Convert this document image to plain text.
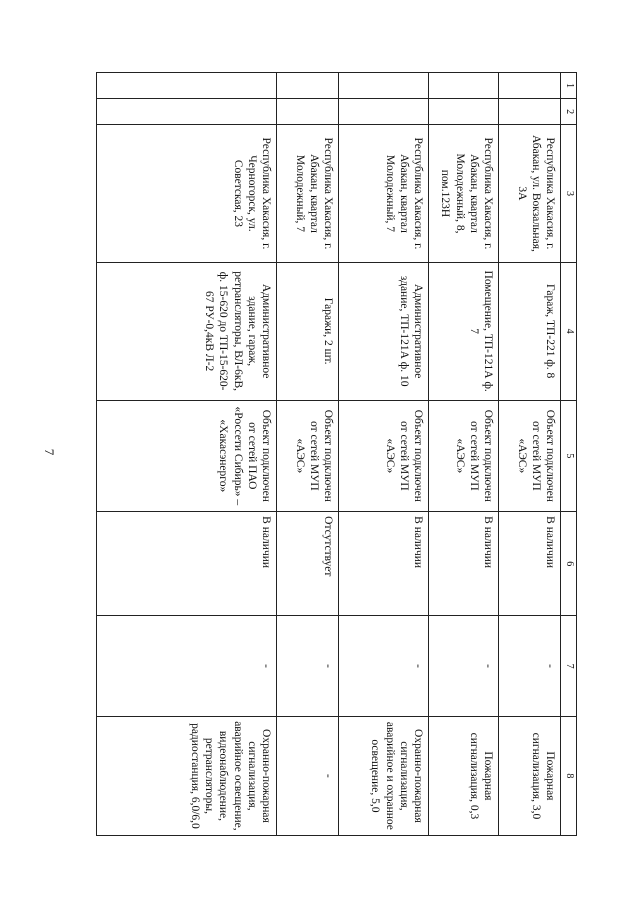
7
1	2	3	4	5	6	7	8
		Республика Хакасия, г. Абакан, ул. Вокзальная, 3А	Гараж, ТП-221 ф. 8	Объект подключен от сетей МУП «АЭС»	В наличии	-	Пожарная сигнализация, 3,0
		Республика Хакасия, г. Абакан, квартал Молодежный, 8, пом.123Н	Помещение, ТП-121А ф. 7	Объект подключен от сетей МУП «АЭС»	В наличии	-	Пожарная сигнализация, 0,3
		Республика Хакасия, г. Абакан, квартал Молодежный, 7	Административное здание, ТП-121А ф. 10	Объект подключен от сетей МУП «АЭС»	В наличии	-	Охранно-пожарная сигнализация, аварийное и охранное освещение, 5,0
		Республика Хакасия, г. Абакан, квартал Молодежный, 7	Гаражи, 2 шт.	Объект подключен от сетей МУП «АЭС»	Отсутствует	-	-
		Республика Хакасия, г. Черногорск, ул. Советская, 23	Административное здание, гараж, ретрансляторы, ВЛ-6кВ, ф. 15-620 до ТП-15-620-67 РУ-0,4кВ Л-2	Объект подключен от сетей ПАО «Россети Сибирь» – «Хакасэнерго»	В наличии	-	Охранно-пожарная сигнализация, аварийное освещение, видеонаблюдение, ретрансляторы, радиостанция, 6,0/6,0
